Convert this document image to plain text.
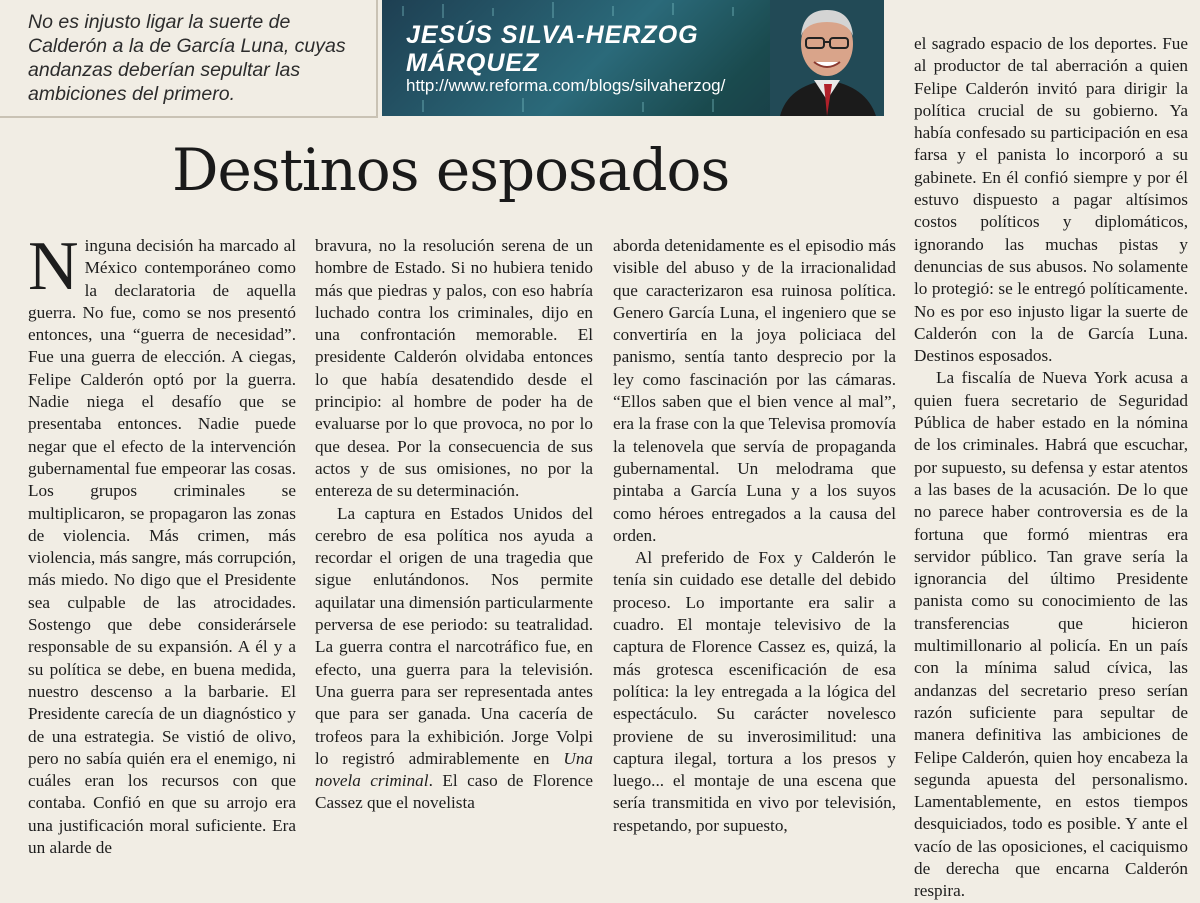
No es injusto ligar la suerte de Calderón a la de García Luna, cuyas andanzas deberían sepultar las ambiciones del primero.

JESÚS SILVA-HERZOG
MÁRQUEZ
http://www.reforma.com/blogs/silvaherzog/
Destinos esposados

Ninguna decisión ha marcado al México contemporáneo como la declaratoria de aquella guerra. No fue, como se nos presentó entonces, una “guerra de necesidad”. Fue una guerra de elección. A ciegas, Felipe Calderón optó por la guerra. Nadie niega el desafío que se presentaba entonces. Nadie puede negar que el efecto de la intervención gubernamental fue empeorar las cosas. Los grupos criminales se multiplicaron, se propagaron las zonas de violencia. Más crimen, más violencia, más sangre, más corrupción, más miedo. No digo que el Presidente sea culpable de las atrocidades. Sostengo que debe considerársele responsable de su expansión. A él y a su política se debe, en buena medida, nuestro descenso a la barbarie. El Presidente carecía de un diagnóstico y de una estrategia. Se vistió de olivo, pero no sabía quién era el enemigo, ni cuáles eran los recursos con que contaba. Confió en que su arrojo era una justificación moral suficiente. Era un alarde de

bravura, no la resolución serena de un hombre de Estado. Si no hubiera tenido más que piedras y palos, con eso habría luchado contra los criminales, dijo en una confrontación memorable. El presidente Calderón olvidaba entonces lo que había desatendido desde el principio: al hombre de poder ha de evaluarse por lo que provoca, no por lo que desea. Por la consecuencia de sus actos y de sus omisiones, no por la entereza de su determinación.

La captura en Estados Unidos del cerebro de esa política nos ayuda a recordar el origen de una tragedia que sigue enlutándonos. Nos permite aquilatar una dimensión particularmente perversa de ese periodo: su teatralidad. La guerra contra el narcotráfico fue, en efecto, una guerra para la televisión. Una guerra para ser representada antes que para ser ganada. Una cacería de trofeos para la exhibición. Jorge Volpi lo registró admirablemente en Una novela criminal. El caso de Florence Cassez que el novelista

aborda detenidamente es el episodio más visible del abuso y de la irracionalidad que caracterizaron esa ruinosa política. Genero García Luna, el ingeniero que se convertiría en la joya policiaca del panismo, sentía tanto desprecio por la ley como fascinación por las cámaras. “Ellos saben que el bien vence al mal”, era la frase con la que Televisa promovía la telenovela que servía de propaganda gubernamental. Un melodrama que pintaba a García Luna y a los suyos como héroes entregados a la causa del orden.

Al preferido de Fox y Calderón le tenía sin cuidado ese detalle del debido proceso. Lo importante era salir a cuadro. El montaje televisivo de la captura de Florence Cassez es, quizá, la más grotesca escenificación de esa política: la ley entregada a la lógica del espectáculo. Su carácter novelesco proviene de su inverosimilitud: una captura ilegal, tortura a los presos y luego... el montaje de una escena que sería transmitida en vivo por televisión, respetando, por supuesto,

el sagrado espacio de los deportes. Fue al productor de tal aberración a quien Felipe Calderón invitó para dirigir la política crucial de su gobierno. Ya había confesado su participación en esa farsa y el panista lo incorporó a su gabinete. En él confió siempre y por él estuvo dispuesto a pagar altísimos costos políticos y diplomáticos, ignorando las muchas pistas y denuncias de sus abusos. No solamente lo protegió: se le entregó políticamente. No es por eso injusto ligar la suerte de Calderón con la de García Luna. Destinos esposados.

La fiscalía de Nueva York acusa a quien fuera secretario de Seguridad Pública de haber estado en la nómina de los criminales. Habrá que escuchar, por supuesto, su defensa y estar atentos a las bases de la acusación. De lo que no parece haber controversia es de la fortuna que formó mientras era servidor público. Tan grave sería la ignorancia del último Presidente panista como su conocimiento de las transferencias que hicieron multimillonario al policía. En un país con la mínima salud cívica, las andanzas del secretario preso serían razón suficiente para sepultar de manera definitiva las ambiciones de Felipe Calderón, quien hoy encabeza la segunda apuesta del personalismo. Lamentablemente, en estos tiempos desquiciados, todo es posible. Y ante el vacío de las oposiciones, el caciquismo de derecha que encarna Calderón respira.
